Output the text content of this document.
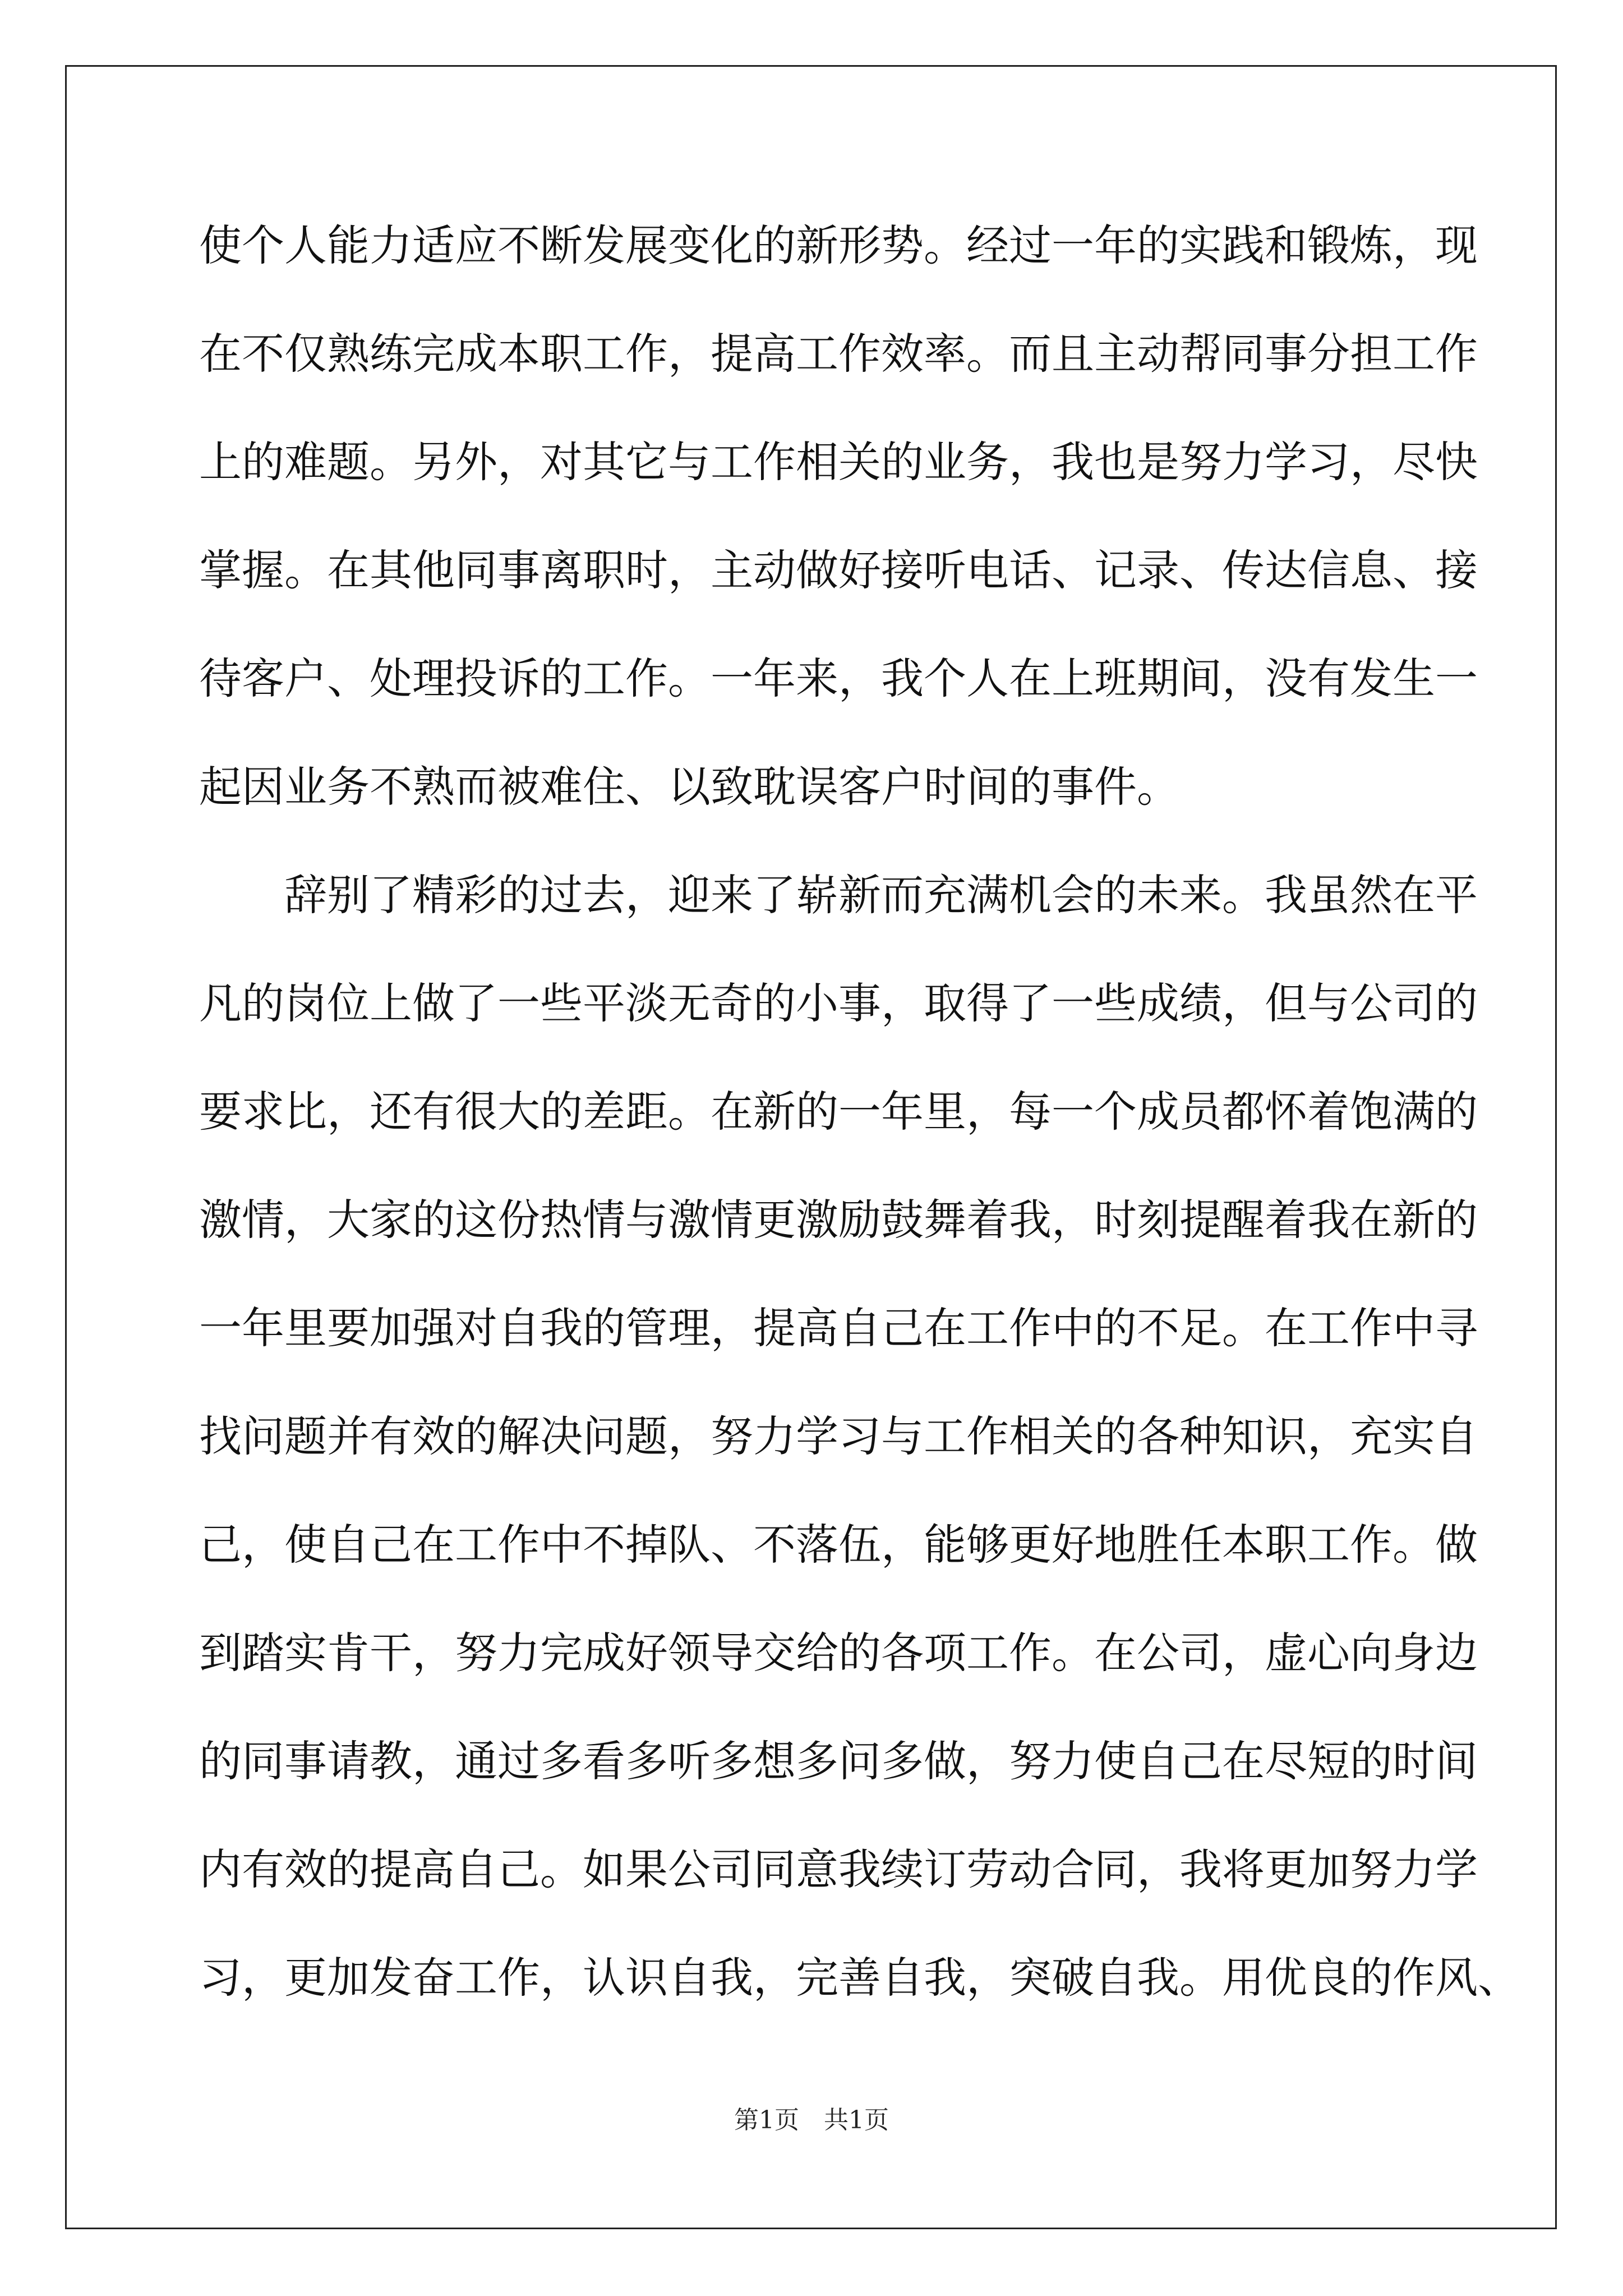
使个人能力适应不断发展变化的新形势。经过一年的实践和锻炼，现
在不仅熟练完成本职工作，提高工作效率。而且主动帮同事分担工作
上的难题。另外，对其它与工作相关的业务，我也是努力学习，尽快
掌握。在其他同事离职时，主动做好接听电话、记录、传达信息、接
待客户、处理投诉的工作。一年来，我个人在上班期间，没有发生一
起因业务不熟而被难住、以致耽误客户时间的事件。
辞别了精彩的过去，迎来了崭新而充满机会的未来。我虽然在平
凡的岗位上做了一些平淡无奇的小事，取得了一些成绩，但与公司的
要求比，还有很大的差距。在新的一年里，每一个成员都怀着饱满的
激情，大家的这份热情与激情更激励鼓舞着我，时刻提醒着我在新的
一年里要加强对自我的管理，提高自己在工作中的不足。在工作中寻
找问题并有效的解决问题，努力学习与工作相关的各种知识，充实自
己，使自己在工作中不掉队、不落伍，能够更好地胜任本职工作。做
到踏实肯干，努力完成好领导交给的各项工作。在公司，虚心向身边
的同事请教，通过多看多听多想多问多做，努力使自己在尽短的时间
内有效的提高自己。如果公司同意我续订劳动合同，我将更加努力学
习，更加发奋工作，认识自我，完善自我，突破自我。用优良的作风、
第1页　共1页
